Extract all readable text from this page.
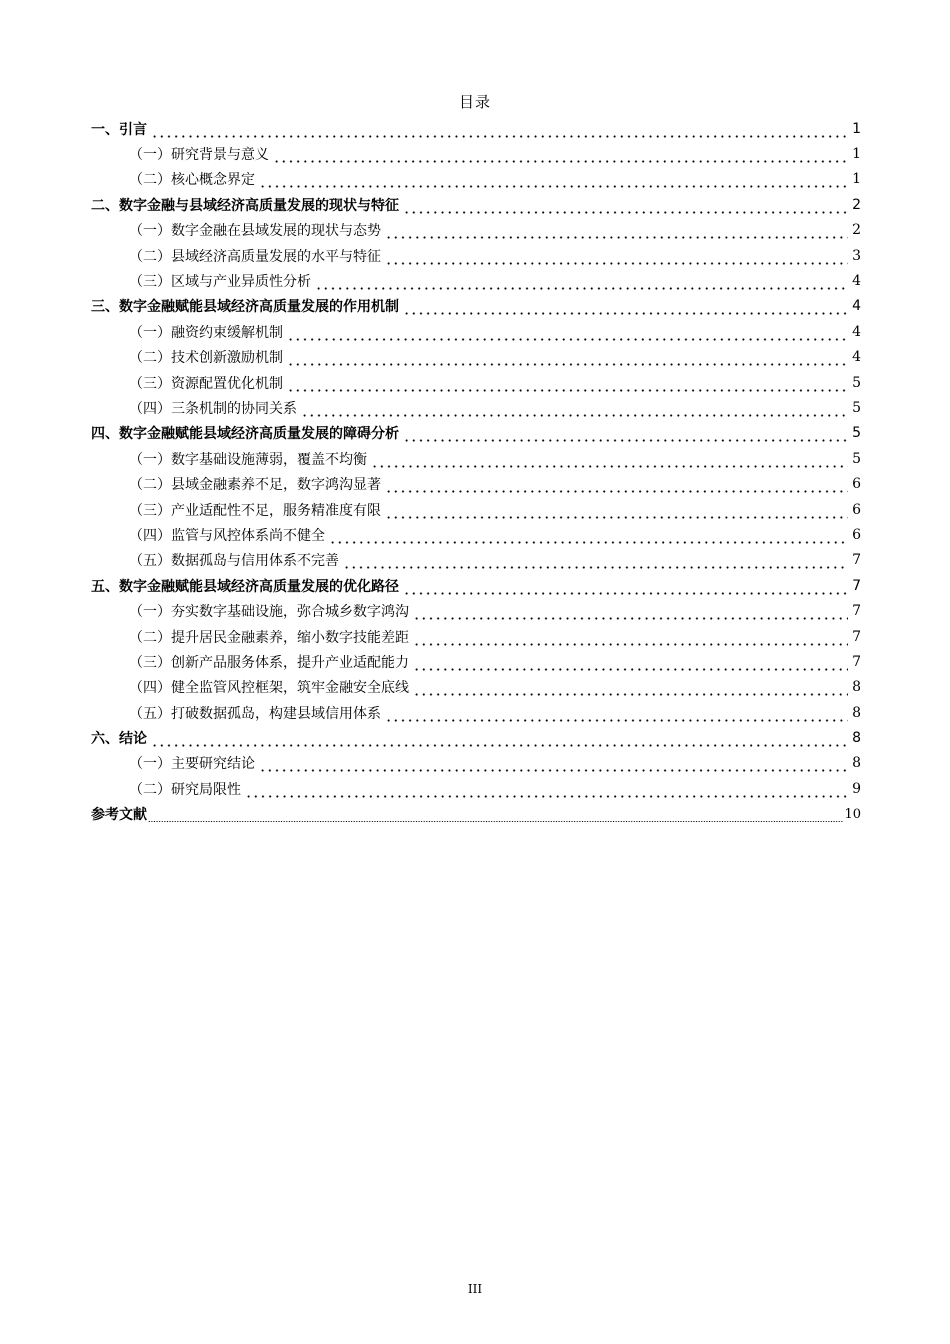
目录
一、引言	1
（一）研究背景与意义	1
（二）核心概念界定	1
二、数字金融与县域经济高质量发展的现状与特征	2
（一）数字金融在县域发展的现状与态势	2
（二）县域经济高质量发展的水平与特征	3
（三）区域与产业异质性分析	4
三、数字金融赋能县域经济高质量发展的作用机制	4
（一）融资约束缓解机制	4
（二）技术创新激励机制	4
（三）资源配置优化机制	5
（四）三条机制的协同关系	5
四、数字金融赋能县域经济高质量发展的障碍分析	5
（一）数字基础设施薄弱，覆盖不均衡	5
（二）县域金融素养不足，数字鸿沟显著	6
（三）产业适配性不足，服务精准度有限	6
（四）监管与风控体系尚不健全	6
（五）数据孤岛与信用体系不完善	7
五、数字金融赋能县域经济高质量发展的优化路径	7
（一）夯实数字基础设施，弥合城乡数字鸿沟	7
（二）提升居民金融素养，缩小数字技能差距	7
（三）创新产品服务体系，提升产业适配能力	7
（四）健全监管风控框架，筑牢金融安全底线	8
（五）打破数据孤岛，构建县域信用体系	8
六、结论	8
（一）主要研究结论	8
（二）研究局限性	9
参考文献	10
III
